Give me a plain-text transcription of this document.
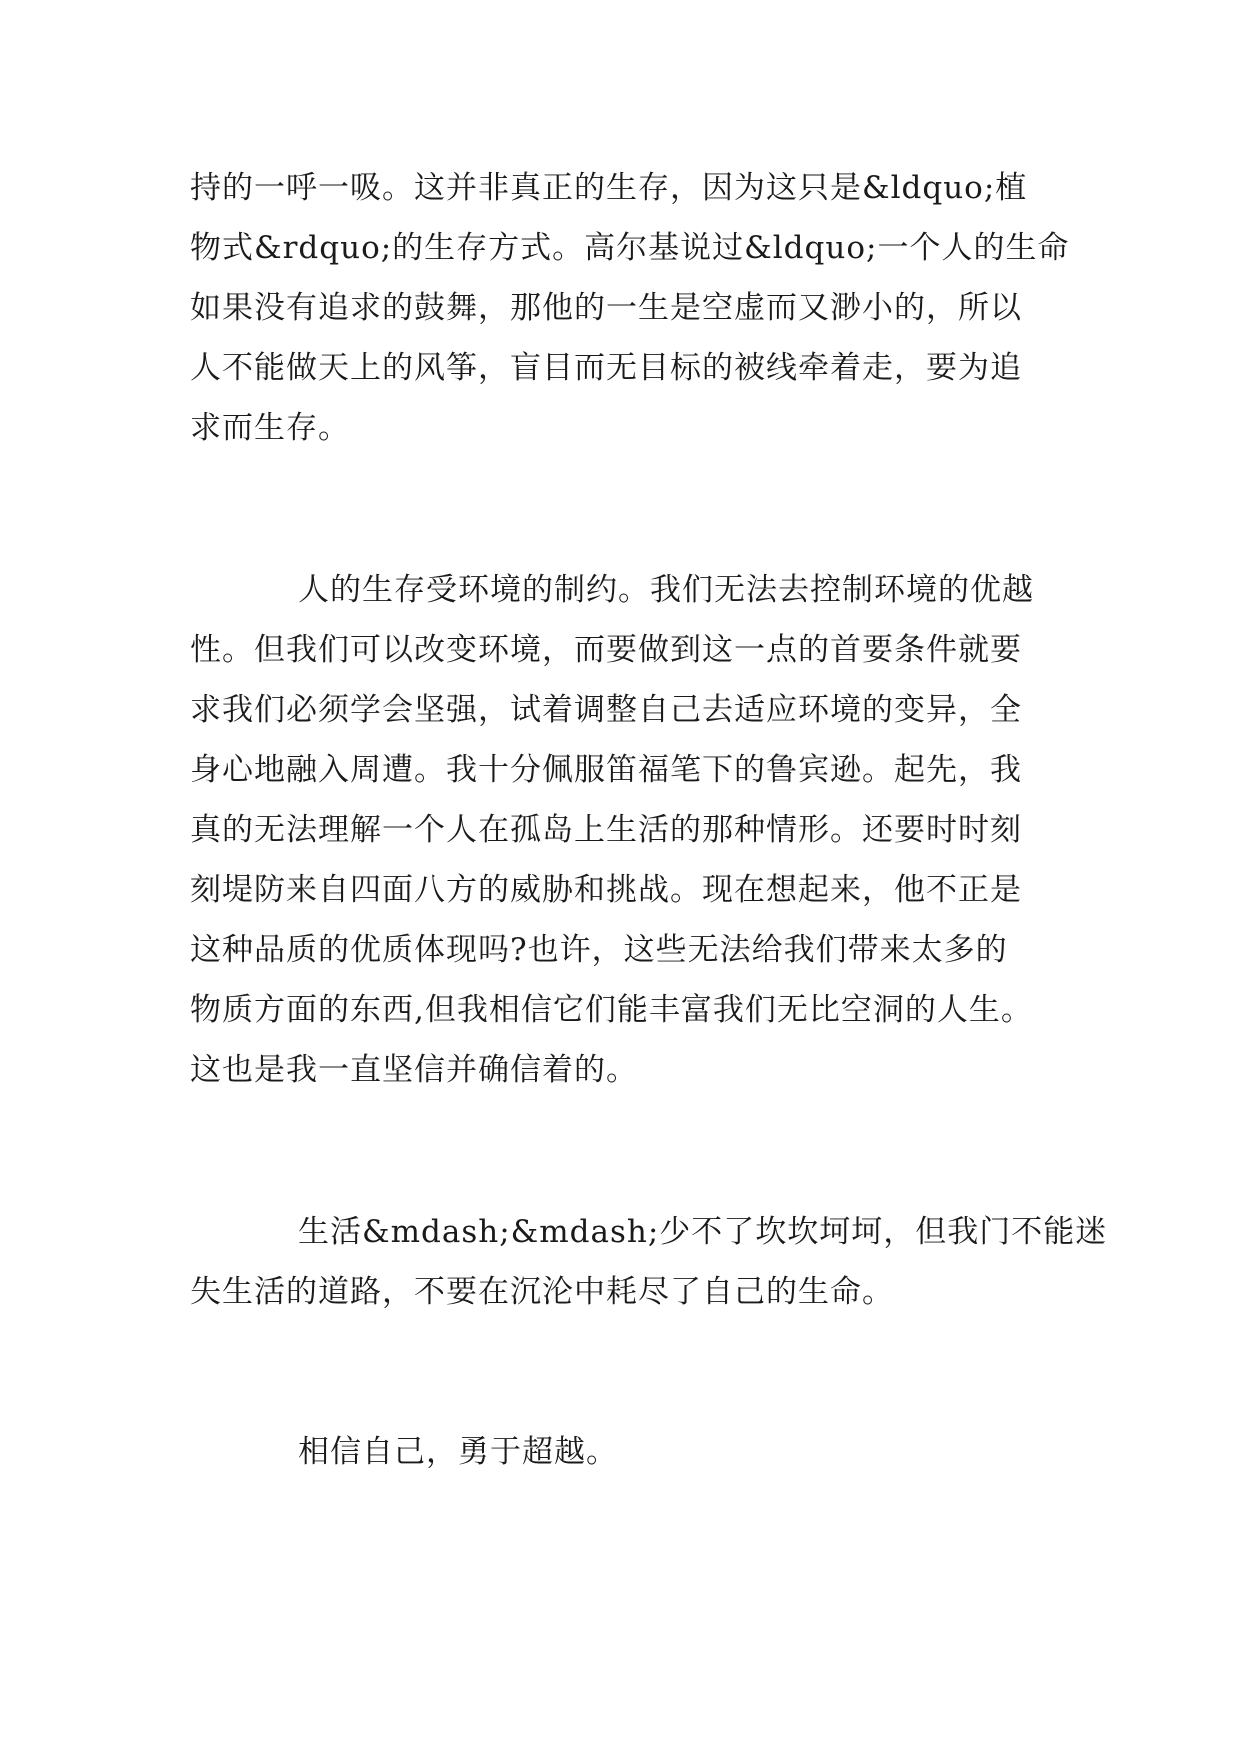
持的一呼一吸。这并非真正的生存，因为这只是&ldquo;植
物式&rdquo;的生存方式。高尔基说过&ldquo;一个人的生命
如果没有追求的鼓舞，那他的一生是空虚而又渺小的，所以
人不能做天上的风筝，盲目而无目标的被线牵着走，要为追
求而生存。
人的生存受环境的制约。我们无法去控制环境的优越
性。但我们可以改变环境，而要做到这一点的首要条件就要
求我们必须学会坚强，试着调整自己去适应环境的变异，全
身心地融入周遭。我十分佩服笛福笔下的鲁宾逊。起先，我
真的无法理解一个人在孤岛上生活的那种情形。还要时时刻
刻堤防来自四面八方的威胁和挑战。现在想起来，他不正是
这种品质的优质体现吗?也许，这些无法给我们带来太多的
物质方面的东西,但我相信它们能丰富我们无比空洞的人生。
这也是我一直坚信并确信着的。
生活&mdash;&mdash;少不了坎坎坷坷，但我门不能迷
失生活的道路，不要在沉沦中耗尽了自己的生命。
相信自己，勇于超越。
